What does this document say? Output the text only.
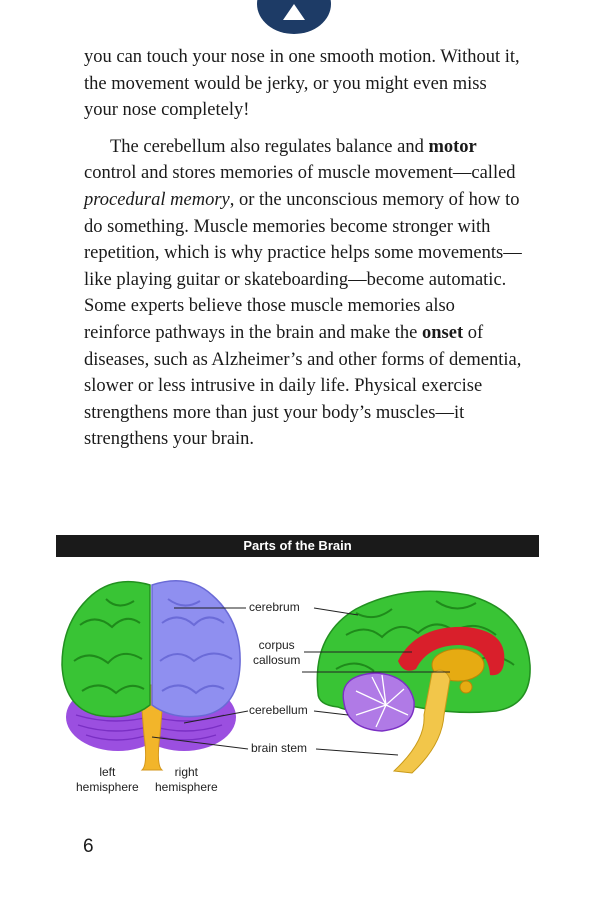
you can touch your nose in one smooth motion. Without it, the movement would be jerky, or you might even miss your nose completely!

The cerebellum also regulates balance and motor control and stores memories of muscle movement—called procedural memory, or the unconscious memory of how to do something. Muscle memories become stronger with repetition, which is why practice helps some movements—like playing guitar or skateboarding—become automatic. Some experts believe those muscle memories also reinforce pathways in the brain and make the onset of diseases, such as Alzheimer’s and other forms of dementia, slower or less intrusive in daily life. Physical exercise strengthens more than just your body’s muscles—it strengthens your brain.

Parts of the Brain
cerebrum
corpus
callosum
cerebellum
brain stem
left
hemisphere
right
hemisphere
6
